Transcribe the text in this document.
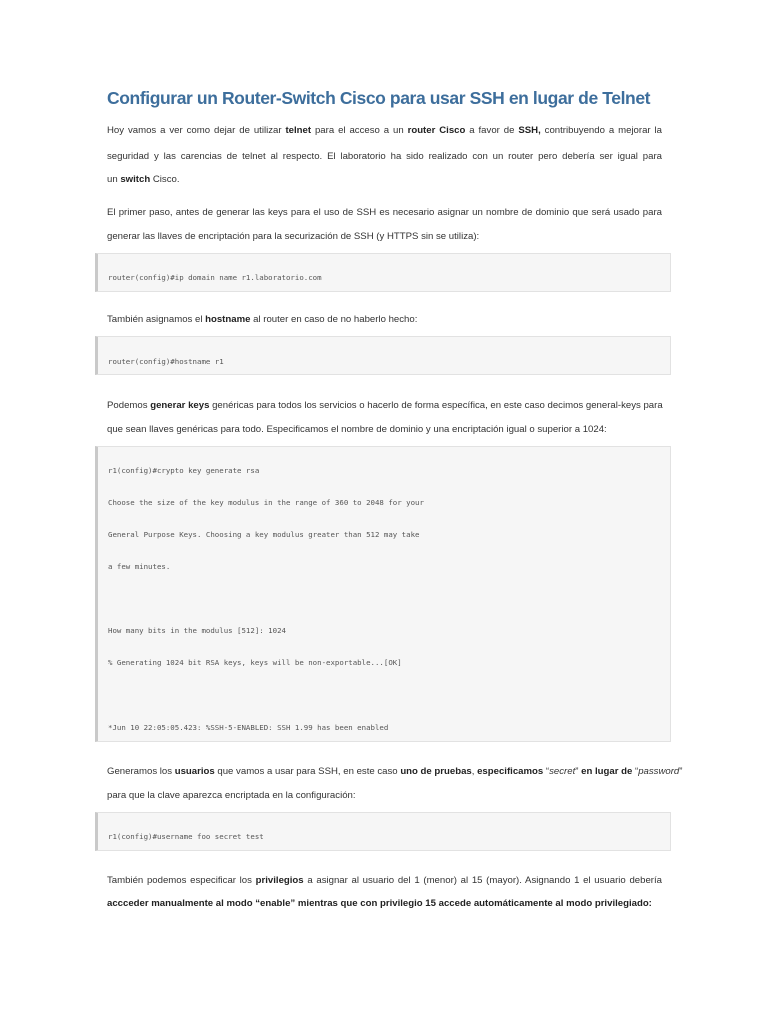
Configurar un Router-Switch Cisco para usar SSH en lugar de Telnet
Hoy vamos a ver como dejar de utilizar telnet para el acceso a un router Cisco a favor de SSH, contribuyendo a mejorar la
seguridad y las carencias de telnet al respecto. El laboratorio ha sido realizado con un router pero debería ser igual para
un switch Cisco.
El primer paso, antes de generar las keys para el uso de SSH es necesario asignar un nombre de dominio que será usado para
generar las llaves de encriptación para la securización de SSH (y HTTPS sin se utiliza):
router(config)#ip domain name r1.laboratorio.com
También asignamos el hostname al router en caso de no haberlo hecho:
router(config)#hostname r1
Podemos generar keys genéricas para todos los servicios o hacerlo de forma específica, en este caso decimos general-keys para
que sean llaves genéricas para todo. Especificamos el nombre de dominio y una encriptación igual o superior a 1024:
r1(config)#crypto key generate rsa
Choose the size of the key modulus in the range of 360 to 2048 for your
General Purpose Keys. Choosing a key modulus greater than 512 may take
a few minutes.
How many bits in the modulus [512]: 1024
% Generating 1024 bit RSA keys, keys will be non-exportable...[OK]
*Jun 10 22:05:05.423: %SSH-5-ENABLED: SSH 1.99 has been enabled
Generamos los usuarios que vamos a usar para SSH, en este caso uno de pruebas, especificamos “secret” en lugar de “password”
para que la clave aparezca encriptada en la configuración:
r1(config)#username foo secret test
También podemos especificar los privilegios a asignar al usuario del 1 (menor) al 15 (mayor). Asignando 1 el usuario debería
accceder manualmente al modo “enable” mientras que con privilegio 15 accede automáticamente al modo privilegiado:
